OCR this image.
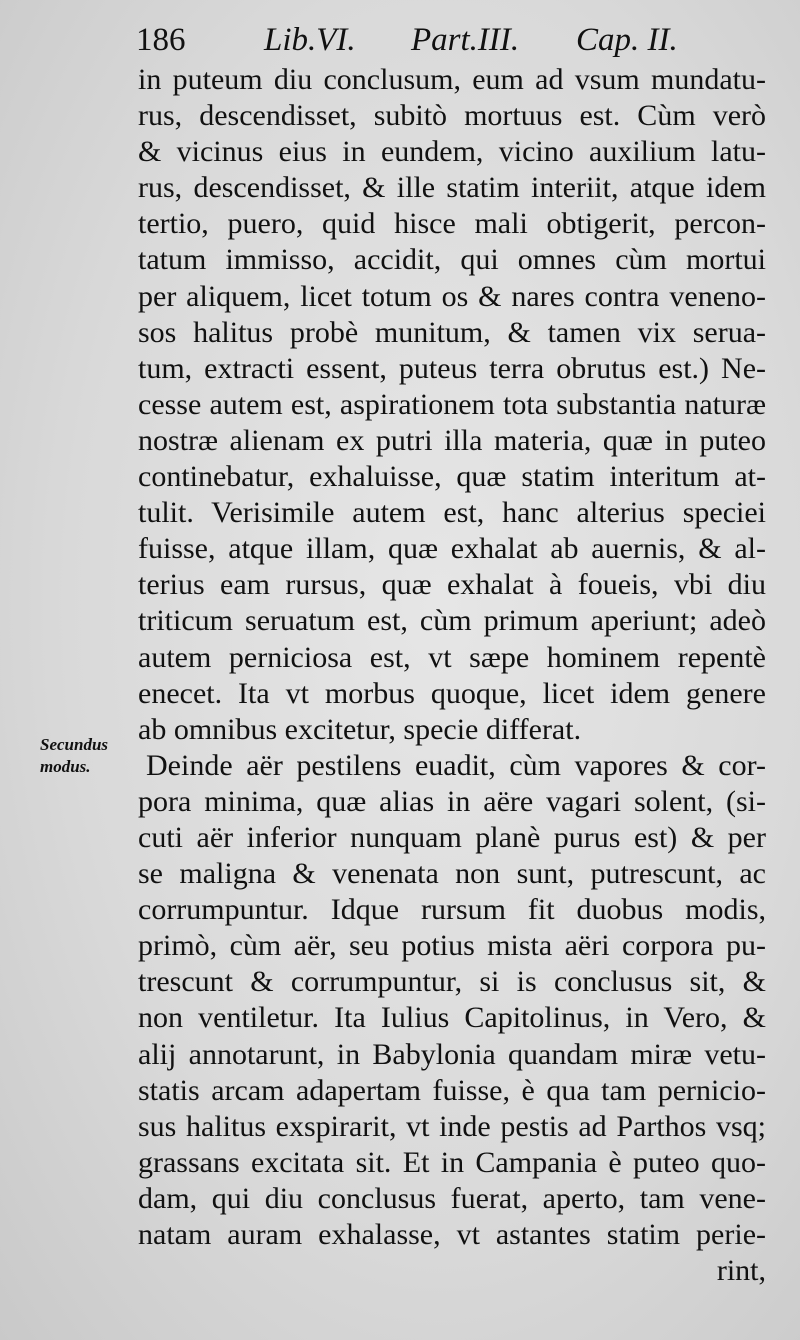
186 Lib.VI. Part.III. Cap. II.
Secundus
modus.
in puteum diu conclusum, eum ad vsum mundatu-
rus, descendisset, subitò mortuus est. Cùm verò
& vicinus eius in eundem, vicino auxilium latu-
rus, descendisset, & ille statim interiit, atque idem
tertio, puero, quid hisce mali obtigerit, percon-
tatum immisso, accidit, qui omnes cùm mortui
per aliquem, licet totum os & nares contra veneno-
sos halitus probè munitum, & tamen vix serua-
tum, extracti essent, puteus terra obrutus est.) Ne-
cesse autem est, aspirationem tota substantia naturæ
nostræ alienam ex putri illa materia, quæ in puteo
continebatur, exhaluisse, quæ statim interitum at-
tulit. Verisimile autem est, hanc alterius speciei
fuisse, atque illam, quæ exhalat ab auernis, & al-
terius eam rursus, quæ exhalat à foueis, vbi diu
triticum seruatum est, cùm primum aperiunt; adeò
autem perniciosa est, vt sæpe hominem repentè
enecet. Ita vt morbus quoque, licet idem genere
ab omnibus excitetur, specie differat.
Deinde aër pestilens euadit, cùm vapores & cor-
pora minima, quæ alias in aëre vagari solent, (si-
cuti aër inferior nunquam planè purus est) & per
se maligna & venenata non sunt, putrescunt, ac
corrumpuntur. Idque rursum fit duobus modis,
primò, cùm aër, seu potius mista aëri corpora pu-
trescunt & corrumpuntur, si is conclusus sit, &
non ventiletur. Ita Iulius Capitolinus, in Vero, &
alij annotarunt, in Babylonia quandam miræ vetu-
statis arcam adapertam fuisse, è qua tam pernicio-
sus halitus exspirarit, vt inde pestis ad Parthos vsq;
grassans excitata sit. Et in Campania è puteo quo-
dam, qui diu conclusus fuerat, aperto, tam vene-
natam auram exhalasse, vt astantes statim perie-
rint,
